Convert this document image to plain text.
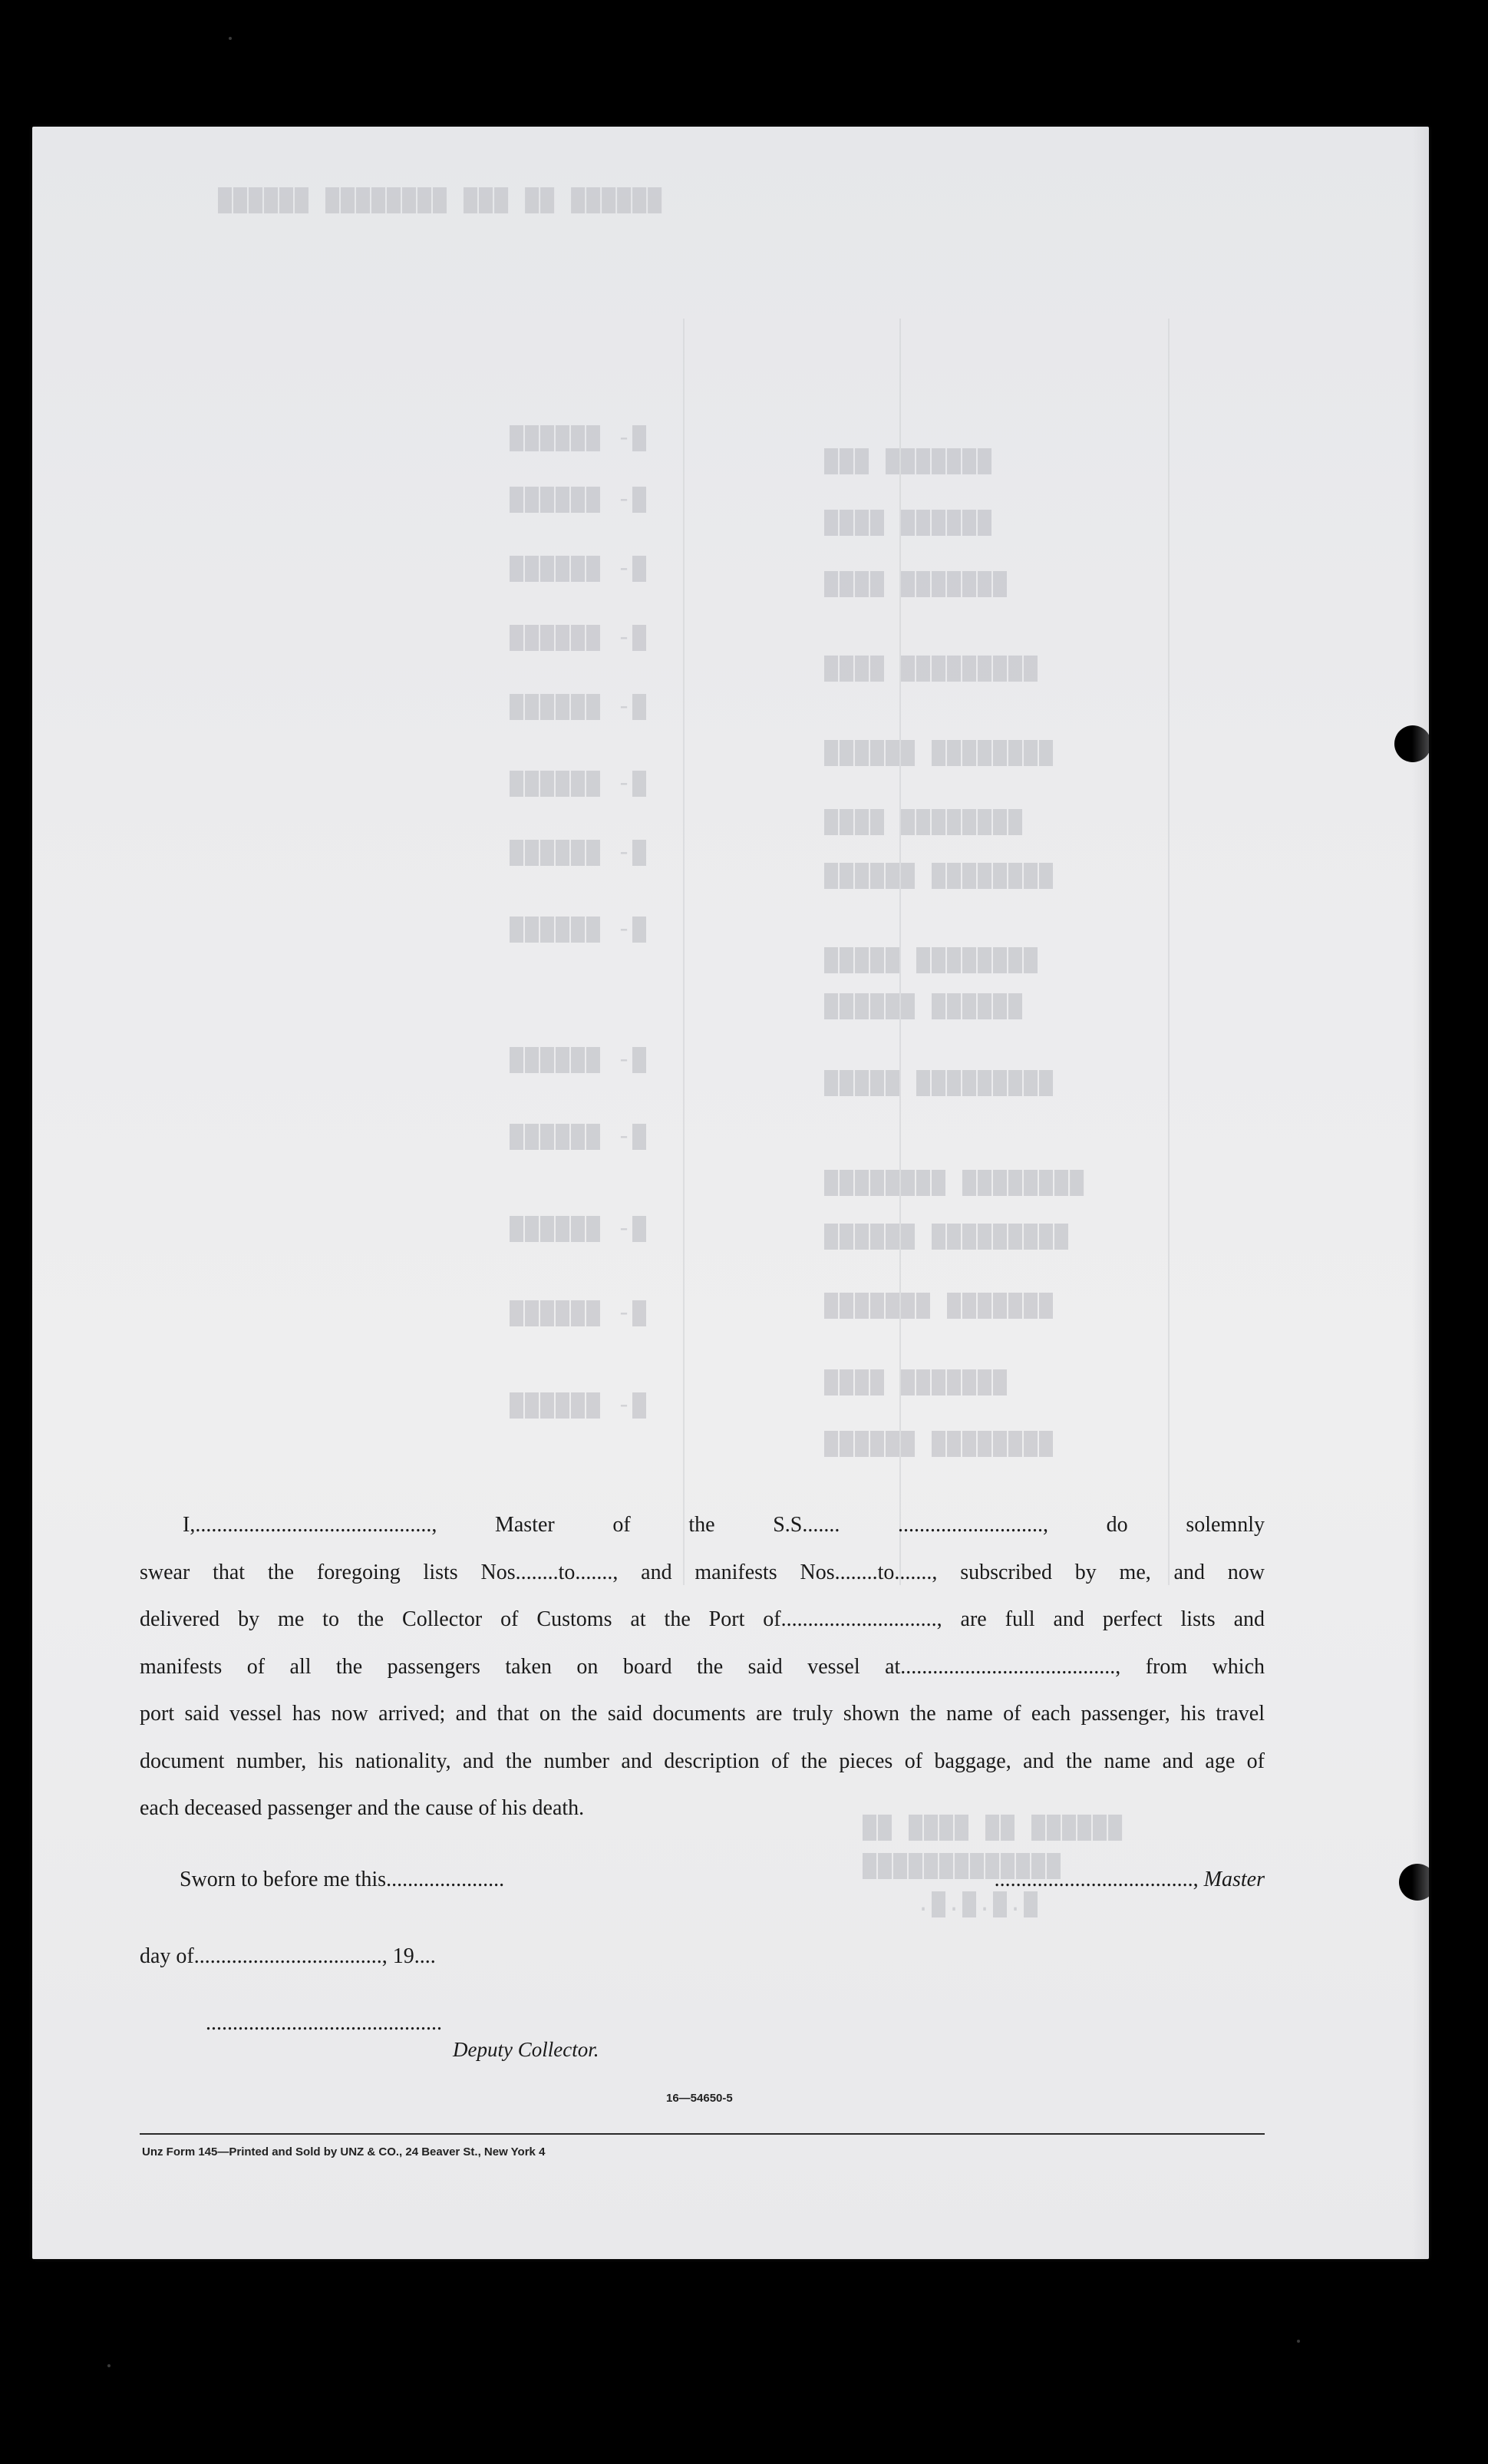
██████ ██ ███ ████████ ██████
███████ ███
██████ ████
███████ ████
█████████ ████
████████ ██████
████████ ████
████████ ██████
████████ █████
██████ ██████
█████████ █████
████████ ████████
█████████ ██████
███████ ███████
███████ ████
████████ ██████
█- ██████
█- ██████
█- ██████
█- ██████
█- ██████
█- ██████
█- ██████
█- ██████
█- ██████
█- ██████
█- ██████
█- ██████
█- ██████
██████ ██ ████ ██
█████████████
█.█.█.█.
I,............................................, Master of the S.S....... ..........................., do solemnly
swear that the foregoing lists Nos........to......., and manifests Nos........to......., subscribed by me, and now
delivered by me to the Collector of Customs at the Port of............................., are full and perfect lists and
manifests of all the passengers taken on board the said vessel at........................................, from which
port said vessel has now arrived; and that on the said documents are truly shown the name of each passenger, his travel
document number, his nationality, and the number and description of the pieces of baggage, and the name and age of
each deceased passenger and the cause of his death.
Sworn to before me this......................	....................................., Master
day of..................................., 19....
............................................
Deputy Collector.
16—54650-5
Unz Form 145—Printed and Sold by UNZ & CO., 24 Beaver St., New York 4
